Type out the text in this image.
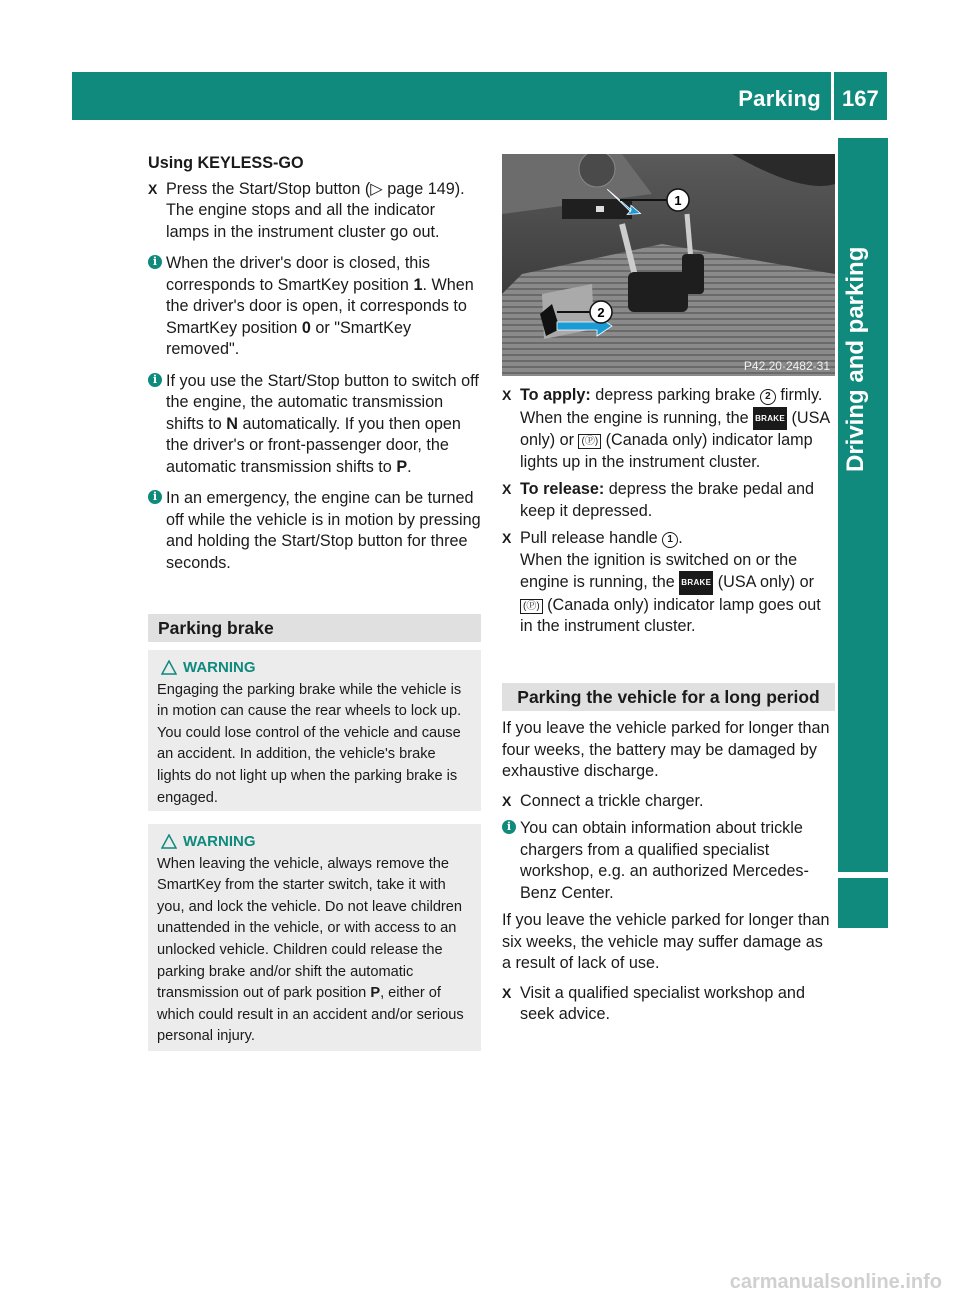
Parking 167
Using KEYLESS-GO
X Press the Start/Stop button (▷ page 149). The engine stops and all the indicator lamps in the instrument cluster go out.
i When the driver's door is closed, this corresponds to SmartKey position 1. When the driver's door is open, it corresponds to SmartKey position 0 or "SmartKey removed".
i If you use the Start/Stop button to switch off the engine, the automatic transmission shifts to N automatically. If you then open the driver's or front-passenger door, the automatic transmission shifts to P.
i In an emergency, the engine can be turned off while the vehicle is in motion by pressing and holding the Start/Stop button for three seconds.
Parking brake
WARNING
Engaging the parking brake while the vehicle is in motion can cause the rear wheels to lock up. You could lose control of the vehicle and cause an accident. In addition, the vehicle's brake lights do not light up when the parking brake is engaged.
WARNING
When leaving the vehicle, always remove the SmartKey from the starter switch, take it with you, and lock the vehicle. Do not leave children unattended in the vehicle, or with access to an unlocked vehicle. Children could release the parking brake and/or shift the automatic transmission out of park position P, either of which could result in an accident and/or serious personal injury.
1
2
P42.20-2482-31
X To apply: depress parking brake 2 firmly.
When the engine is running, the BRAKE (USA only) or (Ⓟ) (Canada only) indicator lamp lights up in the instrument cluster.
X To release: depress the brake pedal and keep it depressed.
X Pull release handle 1 .
When the ignition is switched on or the engine is running, the BRAKE (USA only) or (Ⓟ) (Canada only) indicator lamp goes out in the instrument cluster.
Parking the vehicle for a long period
If you leave the vehicle parked for longer than four weeks, the battery may be damaged by exhaustive discharge.
X Connect a trickle charger.
i You can obtain information about trickle chargers from a qualified specialist workshop, e.g. an authorized Mercedes-Benz Center.
If you leave the vehicle parked for longer than six weeks, the vehicle may suffer damage as a result of lack of use.
X Visit a qualified specialist workshop and seek advice.
carmanualsonline.info
